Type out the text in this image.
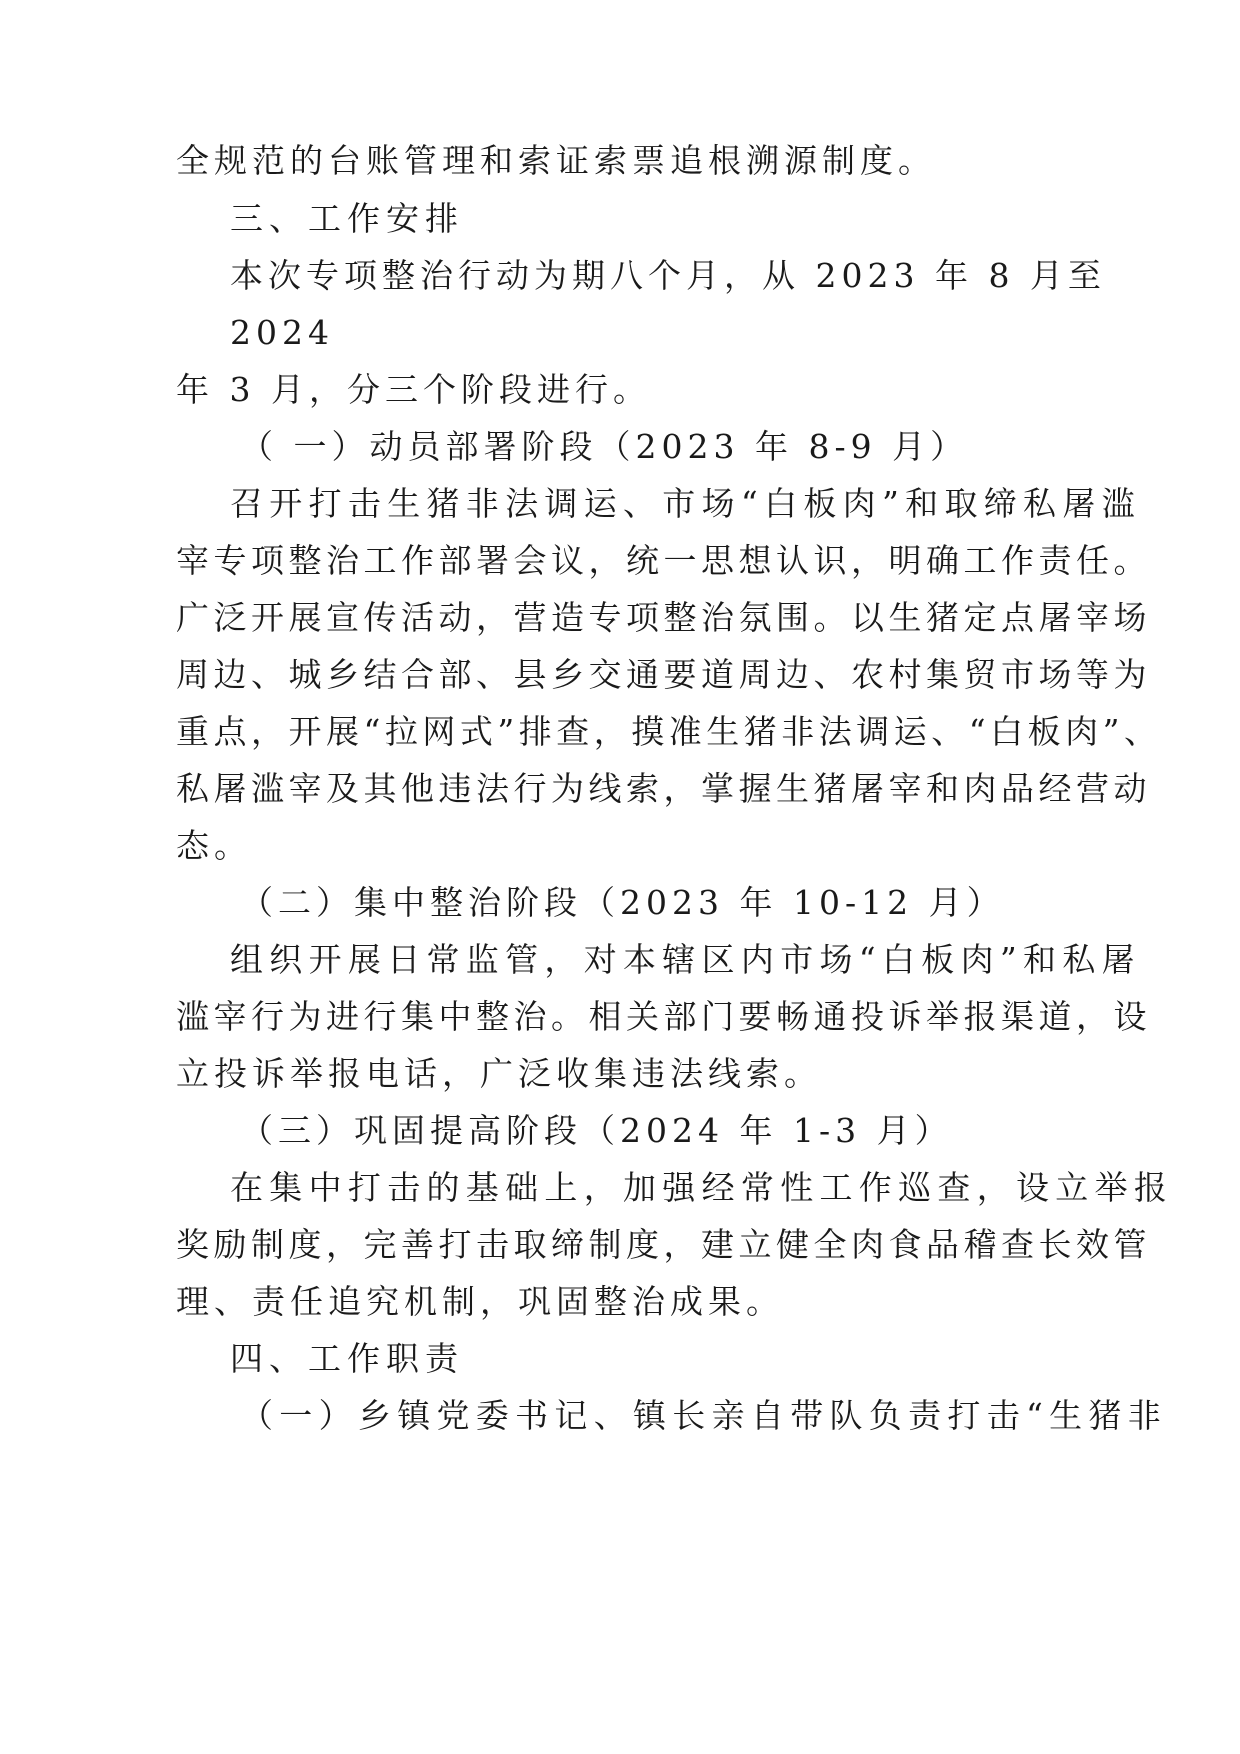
全规范的台账管理和索证索票追根溯源制度。
三、工作安排
本次专项整治行动为期八个月，从 2023 年 8 月至
2024
年 3 月，分三个阶段进行。
（ 一）动员部署阶段（2023 年 8-9 月）
召开打击生猪非法调运、市场“白板肉”和取缔私屠滥
宰专项整治工作部署会议，统一思想认识，明确工作责任。
广泛开展宣传活动，营造专项整治氛围。以生猪定点屠宰场
周边、城乡结合部、县乡交通要道周边、农村集贸市场等为
重点，开展“拉网式”排查，摸准生猪非法调运、“白板肉”、
私屠滥宰及其他违法行为线索，掌握生猪屠宰和肉品经营动
态。
（二）集中整治阶段（2023 年 10-12 月）
组织开展日常监管，对本辖区内市场“白板肉”和私屠
滥宰行为进行集中整治。相关部门要畅通投诉举报渠道，设
立投诉举报电话，广泛收集违法线索。
（三）巩固提高阶段（2024 年 1-3 月）
在集中打击的基础上，加强经常性工作巡查，设立举报
奖励制度，完善打击取缔制度，建立健全肉食品稽查长效管
理、责任追究机制，巩固整治成果。
四、工作职责
（一）乡镇党委书记、镇长亲自带队负责打击“生猪非
